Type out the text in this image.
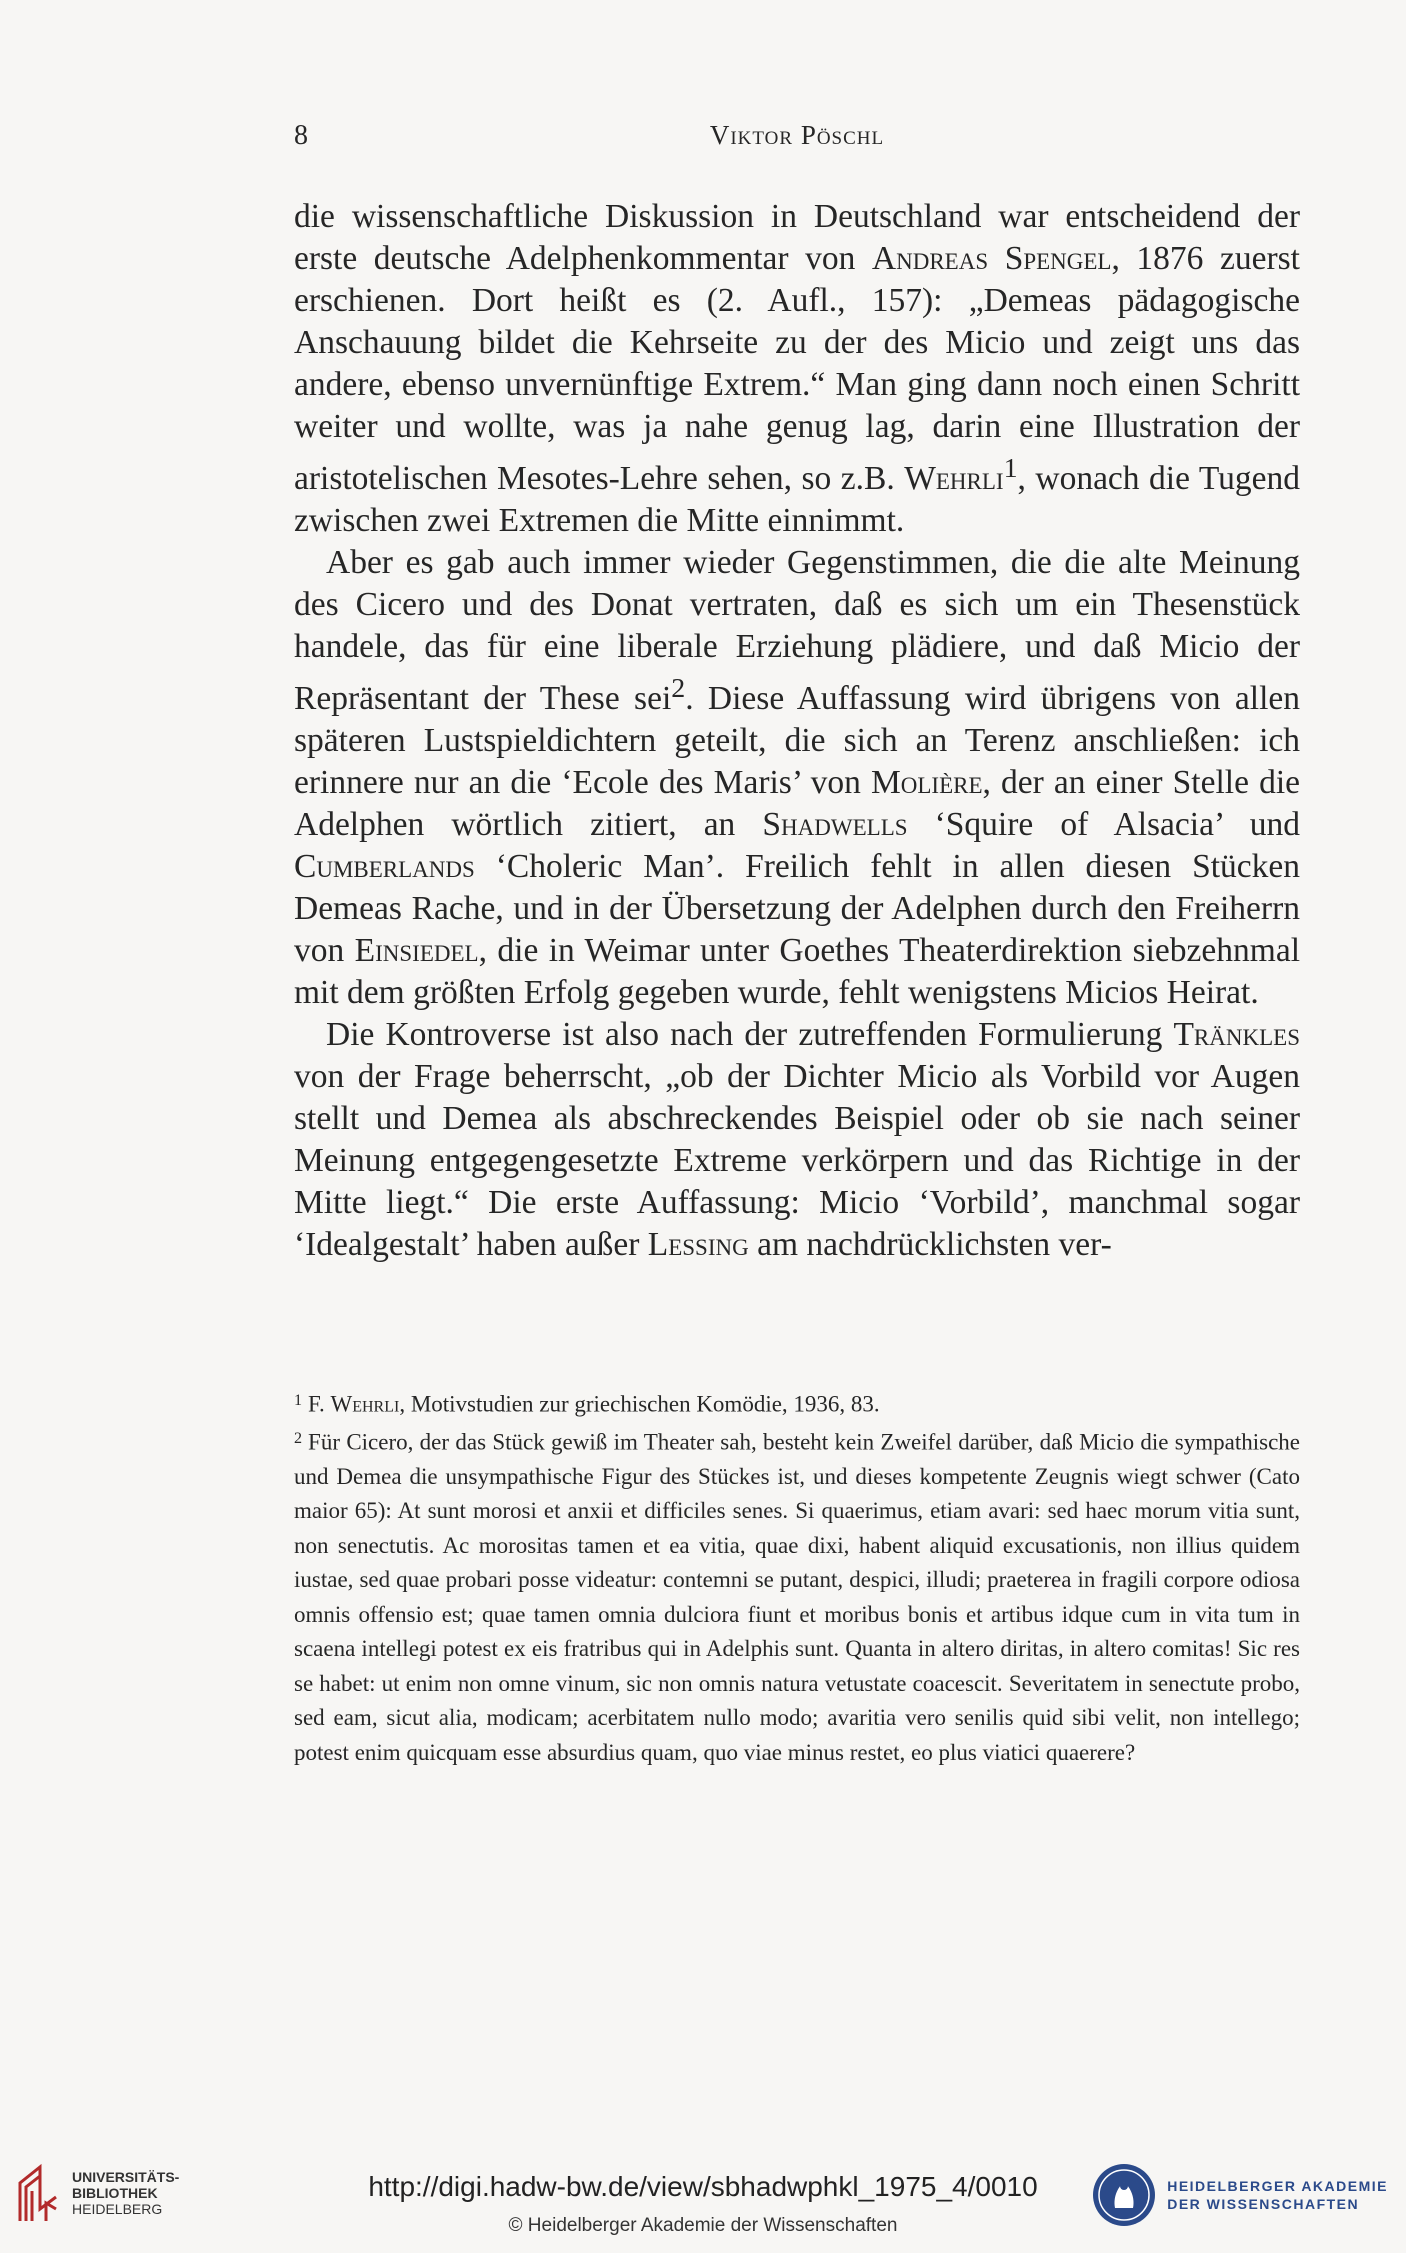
8	Viktor Pöschl

die wissenschaftliche Diskussion in Deutschland war entscheidend der erste deutsche Adelphenkommentar von Andreas Spengel, 1876 zuerst erschienen. Dort heißt es (2. Aufl., 157): „Demeas pädagogische Anschauung bildet die Kehrseite zu der des Micio und zeigt uns das andere, ebenso unvernünftige Extrem.“ Man ging dann noch einen Schritt weiter und wollte, was ja nahe genug lag, darin eine Illustration der aristotelischen Mesotes-Lehre sehen, so z.B. Wehrli$^1$, wonach die Tugend zwischen zwei Extremen die Mitte einnimmt.

Aber es gab auch immer wieder Gegenstimmen, die die alte Meinung des Cicero und des Donat vertraten, daß es sich um ein Thesenstück handele, das für eine liberale Erziehung plädiere, und daß Micio der Repräsentant der These sei$^2$. Diese Auffassung wird übrigens von allen späteren Lustspieldichtern geteilt, die sich an Terenz anschließen: ich erinnere nur an die ‘Ecole des Maris’ von Molière, der an einer Stelle die Adelphen wörtlich zitiert, an Shadwells ‘Squire of Alsacia’ und Cumberlands ‘Choleric Man’. Freilich fehlt in allen diesen Stücken Demeas Rache, und in der Übersetzung der Adelphen durch den Freiherrn von Einsiedel, die in Weimar unter Goethes Theaterdirektion siebzehnmal mit dem größten Erfolg gegeben wurde, fehlt wenigstens Micios Heirat.

Die Kontroverse ist also nach der zutreffenden Formulierung Tränkles von der Frage beherrscht, „ob der Dichter Micio als Vorbild vor Augen stellt und Demea als abschreckendes Beispiel oder ob sie nach seiner Meinung entgegengesetzte Extreme verkörpern und das Richtige in der Mitte liegt.“ Die erste Auffassung: Micio ‘Vorbild’, manchmal sogar ‘Idealgestalt’ haben außer Lessing am nachdrücklichsten ver-

$^1$ F. Wehrli, Motivstudien zur griechischen Komödie, 1936, 83.

$^2$ Für Cicero, der das Stück gewiß im Theater sah, besteht kein Zweifel darüber, daß Micio die sympathische und Demea die unsympathische Figur des Stückes ist, und dieses kompetente Zeugnis wiegt schwer (Cato maior 65): At sunt morosi et anxii et difficiles senes. Si quaerimus, etiam avari: sed haec morum vitia sunt, non senectutis. Ac morositas tamen et ea vitia, quae dixi, habent aliquid excusationis, non illius quidem iustae, sed quae probari posse videatur: contemni se putant, despici, illudi; praeterea in fragili corpore odiosa omnis offensio est; quae tamen omnia dulciora fiunt et moribus bonis et artibus idque cum in vita tum in scaena intellegi potest ex eis fratribus qui in Adelphis sunt. Quanta in altero diritas, in altero comitas! Sic res se habet: ut enim non omne vinum, sic non omnis natura vetustate coacescit. Severitatem in senectute probo, sed eam, sicut alia, modicam; acerbitatem nullo modo; avaritia vero senilis quid sibi velit, non intellego; potest enim quicquam esse absurdius quam, quo viae minus restet, eo plus viatici quaerere?

UNIVERSITÄTS-
BIBLIOTHEK
HEIDELBERG
http://digi.hadw-bw.de/view/sbhadwphkl_1975_4/0010
© Heidelberger Akademie der Wissenschaften
HEIDELBERGER AKADEMIE
DER WISSENSCHAFTEN
